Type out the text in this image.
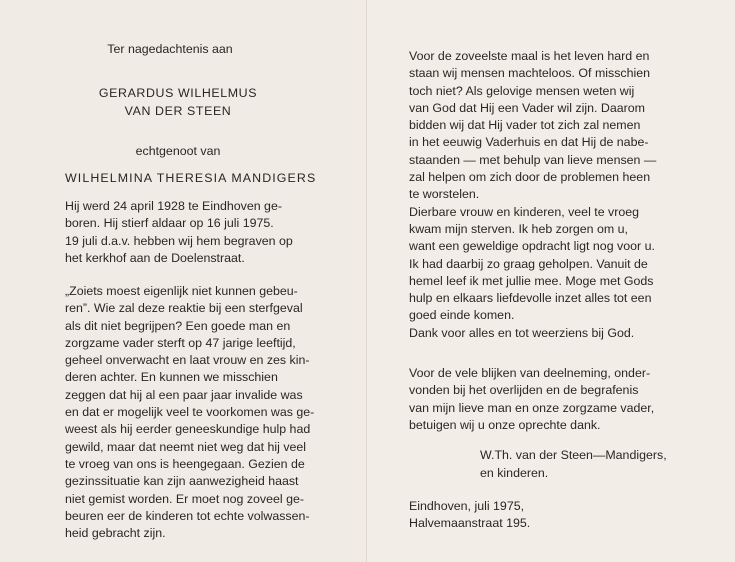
Ter nagedachtenis aan

GERARDUS WILHELMUS

VAN DER STEEN

echtgenoot van

WILHELMINA THERESIA MANDIGERS

Hij werd 24 april 1928 te Eindhoven ge-
boren. Hij stierf aldaar op 16 juli 1975.
19 juli d.a.v. hebben wij hem begraven op
het kerkhof aan de Doelenstraat.
„Zoiets moest eigenlijk niet kunnen gebeu-
ren”. Wie zal deze reaktie bij een sterfgeval
als dit niet begrijpen? Een goede man en
zorgzame vader sterft op 47 jarige leeftijd,
geheel onverwacht en laat vrouw en zes kin-
deren achter. En kunnen we misschien
zeggen dat hij al een paar jaar invalide was
en dat er mogelijk veel te voorkomen was ge-
weest als hij eerder geneeskundige hulp had
gewild, maar dat neemt niet weg dat hij veel
te vroeg van ons is heengegaan. Gezien de
gezinssituatie kan zijn aanwezigheid haast
niet gemist worden. Er moet nog zoveel ge-
beuren eer de kinderen tot echte volwassen-
heid gebracht zijn.
Voor de zoveelste maal is het leven hard en
staan wij mensen machteloos. Of misschien
toch niet? Als gelovige mensen weten wij
van God dat Hij een Vader wil zijn. Daarom
bidden wij dat Hij vader tot zich zal nemen
in het eeuwig Vaderhuis en dat Hij de nabe-
staanden — met behulp van lieve mensen —
zal helpen om zich door de problemen heen
te worstelen.
Dierbare vrouw en kinderen, veel te vroeg
kwam mijn sterven. Ik heb zorgen om u,
want een geweldige opdracht ligt nog voor u.
Ik had daarbij zo graag geholpen. Vanuit de
hemel leef ik met jullie mee. Moge met Gods
hulp en elkaars liefdevolle inzet alles tot een
goed einde komen.
Dank voor alles en tot weerziens bij God.
Voor de vele blijken van deelneming, onder-
vonden bij het overlijden en de begrafenis
van mijn lieve man en onze zorgzame vader,
betuigen wij u onze oprechte dank.

W.Th. van der Steen—Mandigers,

en kinderen.

Eindhoven, juli 1975,

Halvemaanstraat 195.
